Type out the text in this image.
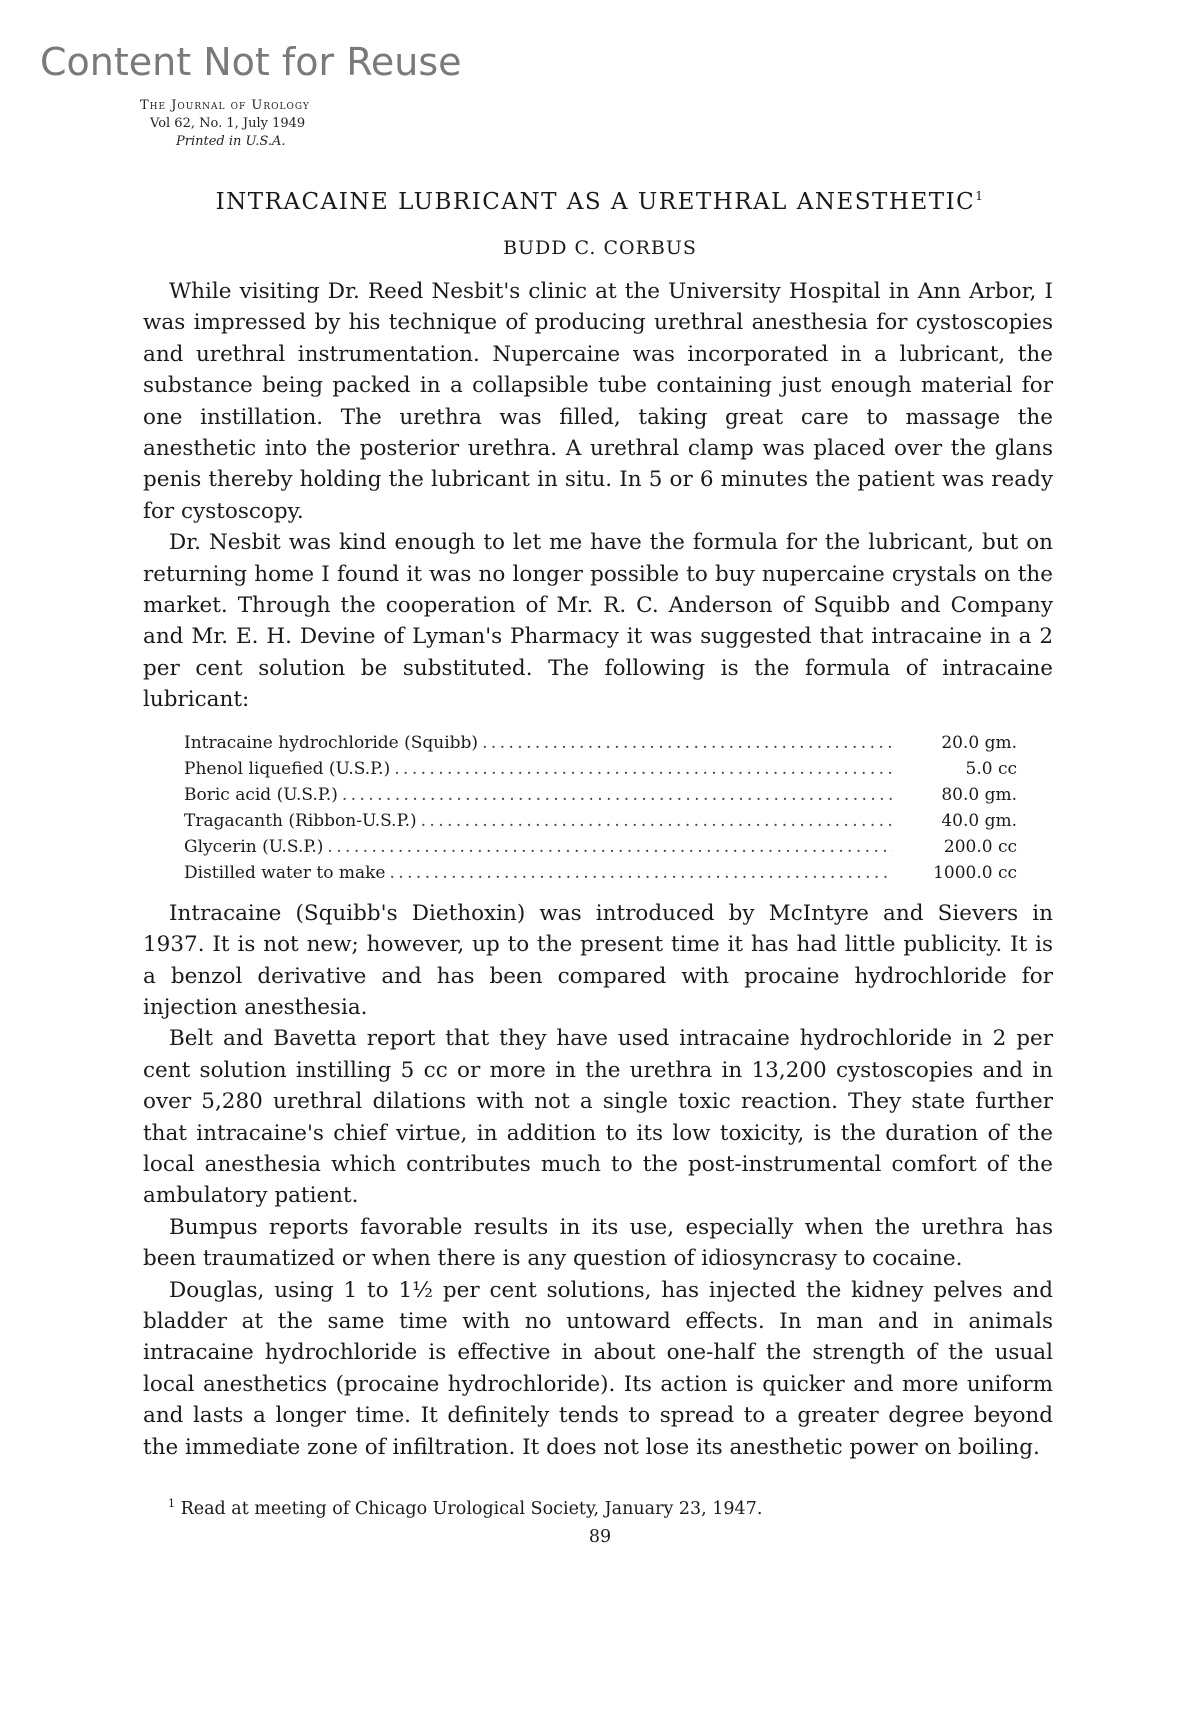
Content Not for Reuse
The Journal of Urology
Vol 62, No. 1, July 1949
Printed in U.S.A.
INTRACAINE LUBRICANT AS A URETHRAL ANESTHETIC$^1$
BUDD C. CORBUS

While visiting Dr. Reed Nesbit's clinic at the University Hospital in Ann Arbor, I was impressed by his technique of producing urethral anesthesia for cystoscopies and urethral instrumentation. Nupercaine was incorporated in a lubricant, the substance being packed in a collapsible tube containing just enough material for one instillation. The urethra was filled, taking great care to massage the anesthetic into the posterior urethra. A urethral clamp was placed over the glans penis thereby holding the lubricant in situ. In 5 or 6 minutes the patient was ready for cystoscopy.

Dr. Nesbit was kind enough to let me have the formula for the lubricant, but on returning home I found it was no longer possible to buy nupercaine crystals on the market. Through the cooperation of Mr. R. C. Anderson of Squibb and Company and Mr. E. H. Devine of Lyman's Pharmacy it was suggested that intracaine in a 2 per cent solution be substituted. The following is the formula of intracaine lubricant:

Intracaine hydrochloride (Squibb) . . .	20.0 gm.
Phenol liquefied (U.S.P.) . . .	5.0 cc
Boric acid (U.S.P.) . . .	80.0 gm.
Tragacanth (Ribbon-U.S.P.) . . .	40.0 gm.
Glycerin (U.S.P.) . . .	200.0 cc
Distilled water to make . . .	1000.0 cc

Intracaine (Squibb's Diethoxin) was introduced by McIntyre and Sievers in 1937. It is not new; however, up to the present time it has had little publicity. It is a benzol derivative and has been compared with procaine hydrochloride for injection anesthesia.

Belt and Bavetta report that they have used intracaine hydrochloride in 2 per cent solution instilling 5 cc or more in the urethra in 13,200 cystoscopies and in over 5,280 urethral dilations with not a single toxic reaction. They state further that intracaine's chief virtue, in addition to its low toxicity, is the duration of the local anesthesia which contributes much to the post-instrumental comfort of the ambulatory patient.

Bumpus reports favorable results in its use, especially when the urethra has been traumatized or when there is any question of idiosyncrasy to cocaine.

Douglas, using 1 to 1½ per cent solutions, has injected the kidney pelves and bladder at the same time with no untoward effects. In man and in animals intracaine hydrochloride is effective in about one-half the strength of the usual local anesthetics (procaine hydrochloride). Its action is quicker and more uniform and lasts a longer time. It definitely tends to spread to a greater degree beyond the immediate zone of infiltration. It does not lose its anesthetic power on boiling.

$^1$ Read at meeting of Chicago Urological Society, January 23, 1947.
89
